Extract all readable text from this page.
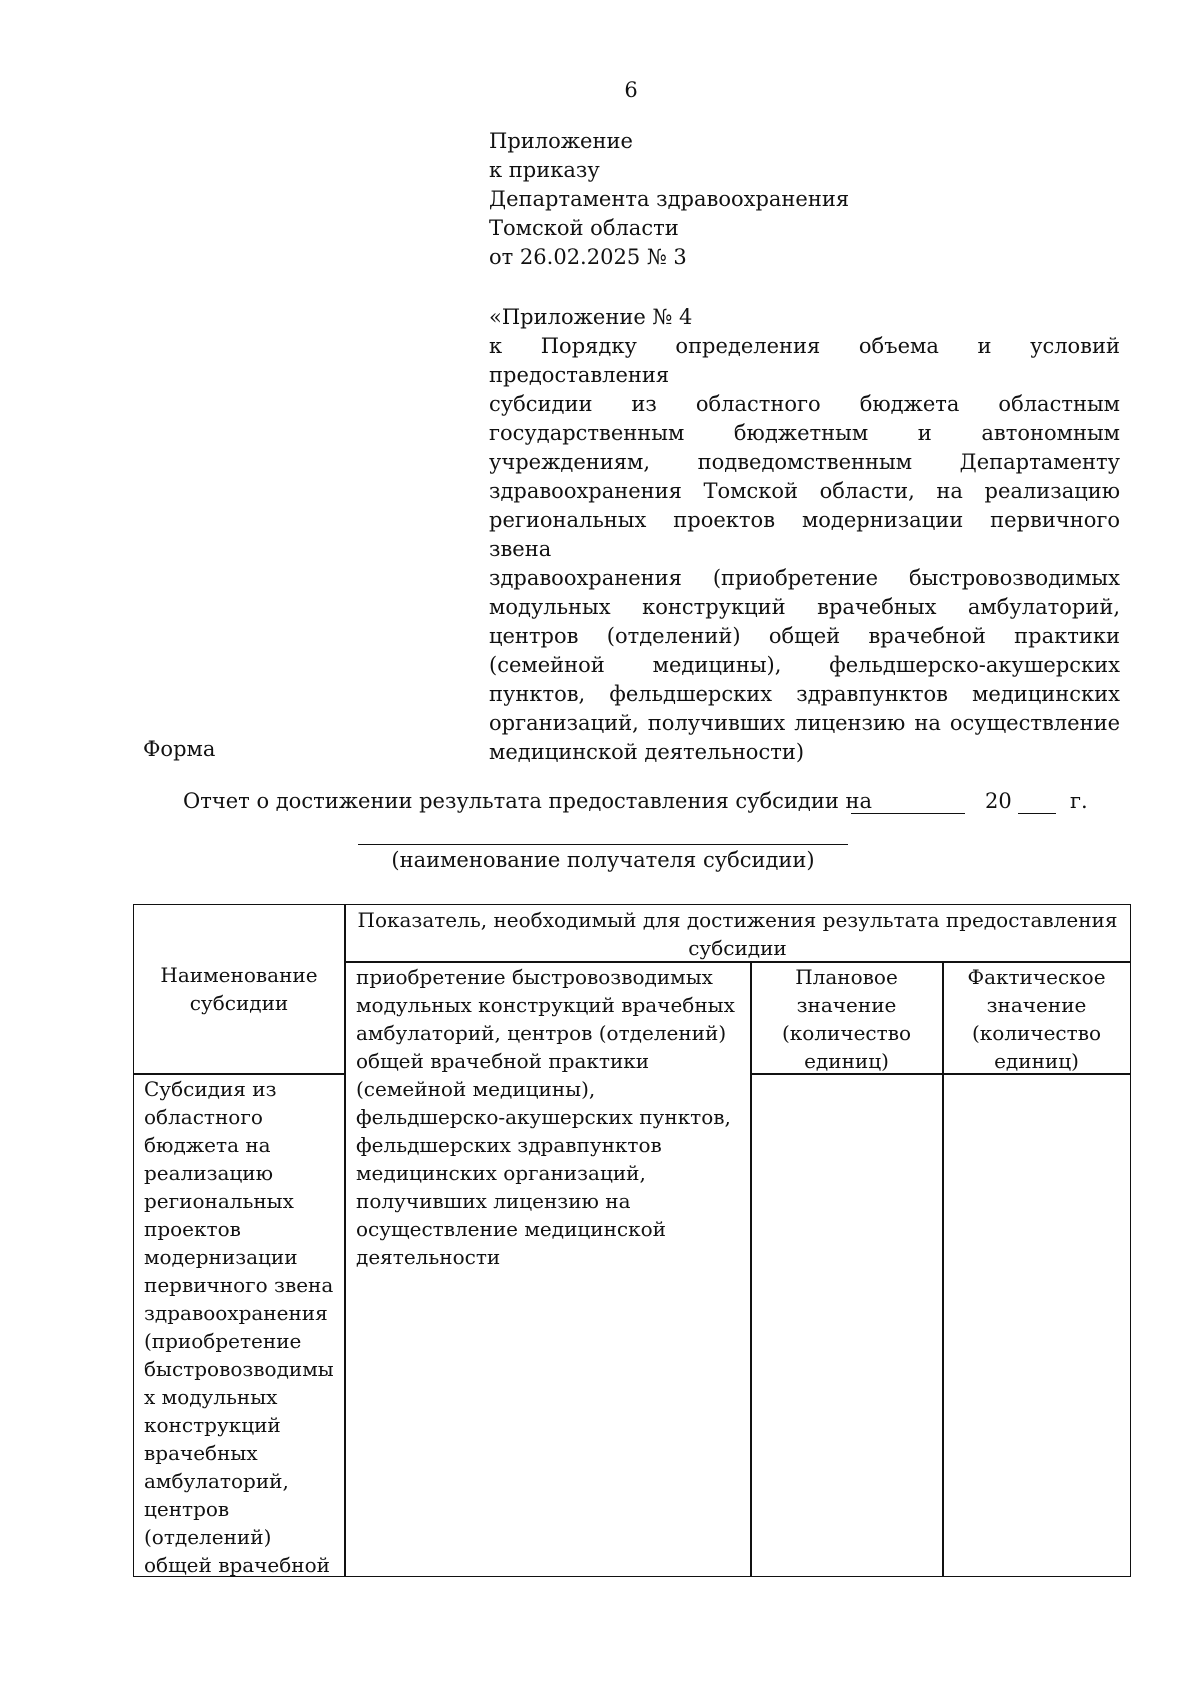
6
Приложение
к приказу
Департамента здравоохранения
Томской области
от 26.02.2025 № 3
«Приложение № 4
к Порядку определения объема и условий предоставления
субсидии из областного бюджета областным
государственным бюджетным и автономным
учреждениям, подведомственным Департаменту
здравоохранения Томской области, на реализацию
региональных проектов модернизации первичного звена
здравоохранения (приобретение быстровозводимых
модульных конструкций врачебных амбулаторий,
центров (отделений) общей врачебной практики
(семейной медицины), фельдшерско-акушерских
пунктов, фельдшерских здравпунктов медицинских
организаций, получивших лицензию на осуществление
медицинской деятельности)
Форма
Отчет о достижении результата предоставления субсидии на	20	г.
(наименование получателя субсидии)
Наименование
субсидии
Показатель, необходимый для достижения результата предоставления
субсидии
приобретение быстровозводимых
модульных конструкций врачебных
амбулаторий, центров (отделений)
общей врачебной практики
(семейной медицины),
фельдшерско-акушерских пунктов,
фельдшерских здравпунктов
медицинских организаций,
получивших лицензию на
осуществление медицинской
деятельности
Плановое
значение
(количество
единиц)
Фактическое
значение
(количество
единиц)
Субсидия из
областного
бюджета на
реализацию
региональных
проектов
модернизации
первичного звена
здравоохранения
(приобретение
быстровозводимы
х модульных
конструкций
врачебных
амбулаторий,
центров
(отделений)
общей врачебной
